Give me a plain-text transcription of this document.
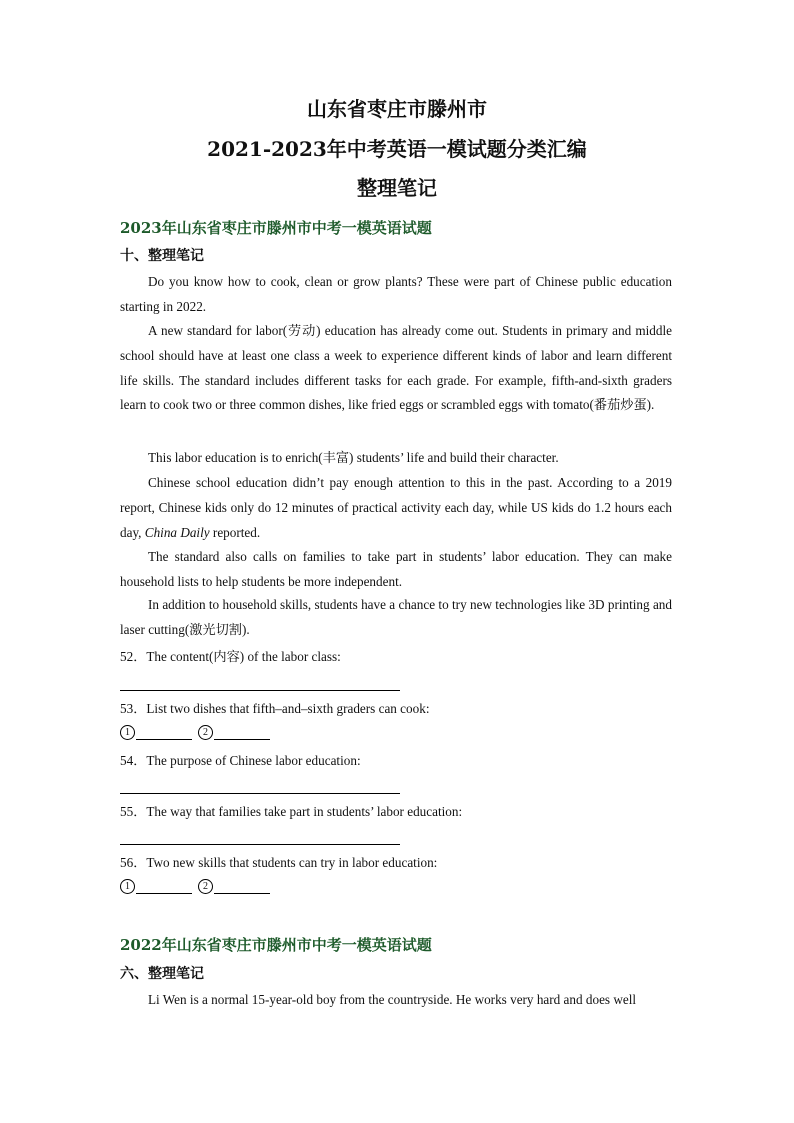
山东省枣庄市滕州市
2021-2023年中考英语一模试题分类汇编
整理笔记
2023年山东省枣庄市滕州市中考一模英语试题
十、整理笔记
Do you know how to cook, clean or grow plants? These were part of Chinese public education starting in 2022.
A new standard for labor(劳动) education has already come out. Students in primary and middle school should have at least one class a week to experience different kinds of labor and learn different life skills. The standard includes different tasks for each grade. For example, fifth-and-sixth graders learn to cook two or three common dishes, like fried eggs or scrambled eggs with tomato(番茄炒蛋).
This labor education is to enrich(丰富) students’ life and build their character.
Chinese school education didn’t pay enough attention to this in the past. According to a 2019 report, Chinese kids only do 12 minutes of practical activity each day, while US kids do 1.2 hours each day, China Daily reported.
The standard also calls on families to take part in students’ labor education. They can make household lists to help students be more independent.
In addition to household skills, students have a chance to try new technologies like 3D printing and laser cutting(激光切割).
52．The content(内容) of the labor class:
53．List two dishes that fifth–and–sixth graders can cook:
1	2
54．The purpose of Chinese labor education:
55．The way that families take part in students’ labor education:
56．Two new skills that students can try in labor education:
1	2
2022年山东省枣庄市滕州市中考一模英语试题
六、整理笔记
Li Wen is a normal 15-year-old boy from the countryside. He works very hard and does well
